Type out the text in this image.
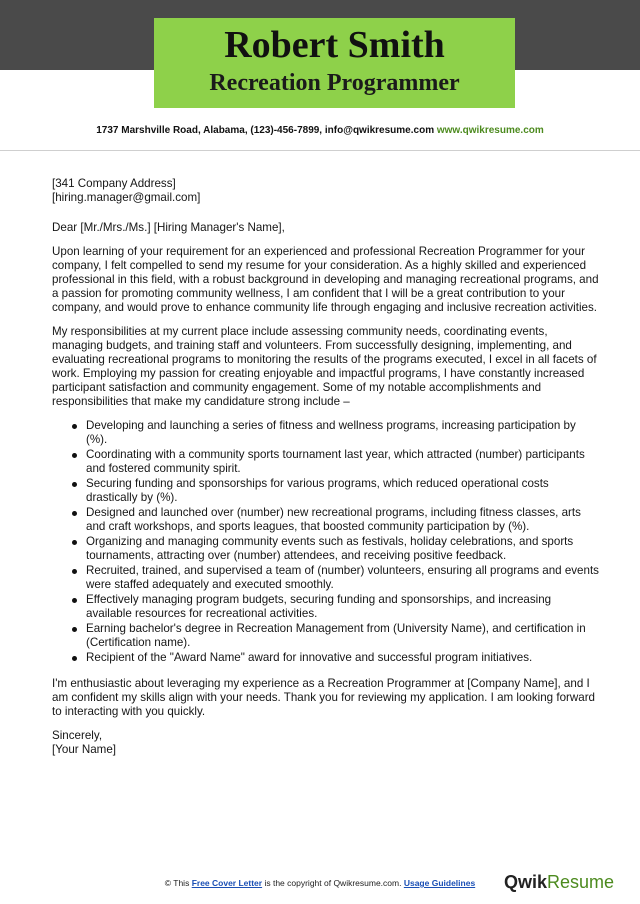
Robert Smith
Recreation Programmer
1737 Marshville Road, Alabama, (123)-456-7899, info@qwikresume.com www.qwikresume.com

[341 Company Address]
[hiring.manager@gmail.com]

Dear [Mr./Mrs./Ms.] [Hiring Manager's Name],

Upon learning of your requirement for an experienced and professional Recreation Programmer for your company, I felt compelled to send my resume for your consideration. As a highly skilled and experienced professional in this field, with a robust background in developing and managing recreational programs, and a passion for promoting community wellness, I am confident that I will be a great contribution to your company, and would prove to enhance community life through engaging and inclusive recreation activities.

My responsibilities at my current place include assessing community needs, coordinating events, managing budgets, and training staff and volunteers. From successfully designing, implementing, and evaluating recreational programs to monitoring the results of the programs executed, I excel in all facets of work. Employing my passion for creating enjoyable and impactful programs, I have constantly increased participant satisfaction and community engagement. Some of my notable accomplishments and responsibilities that make my candidature strong include –

Developing and launching a series of fitness and wellness programs, increasing participation by (%).
Coordinating with a community sports tournament last year, which attracted (number) participants and fostered community spirit.
Securing funding and sponsorships for various programs, which reduced operational costs drastically by (%).
Designed and launched over (number) new recreational programs, including fitness classes, arts and craft workshops, and sports leagues, that boosted community participation by (%).
Organizing and managing community events such as festivals, holiday celebrations, and sports tournaments, attracting over (number) attendees, and receiving positive feedback.
Recruited, trained, and supervised a team of (number) volunteers, ensuring all programs and events were staffed adequately and executed smoothly.
Effectively managing program budgets, securing funding and sponsorships, and increasing available resources for recreational activities.
Earning bachelor's degree in Recreation Management from (University Name), and certification in (Certification name).
Recipient of the "Award Name" award for innovative and successful program initiatives.

I'm enthusiastic about leveraging my experience as a Recreation Programmer at [Company Name], and I am confident my skills align with your needs. Thank you for reviewing my application. I am looking forward to interacting with you quickly.

Sincerely,
[Your Name]

© This Free Cover Letter is the copyright of Qwikresume.com. Usage Guidelines	QwikResume
